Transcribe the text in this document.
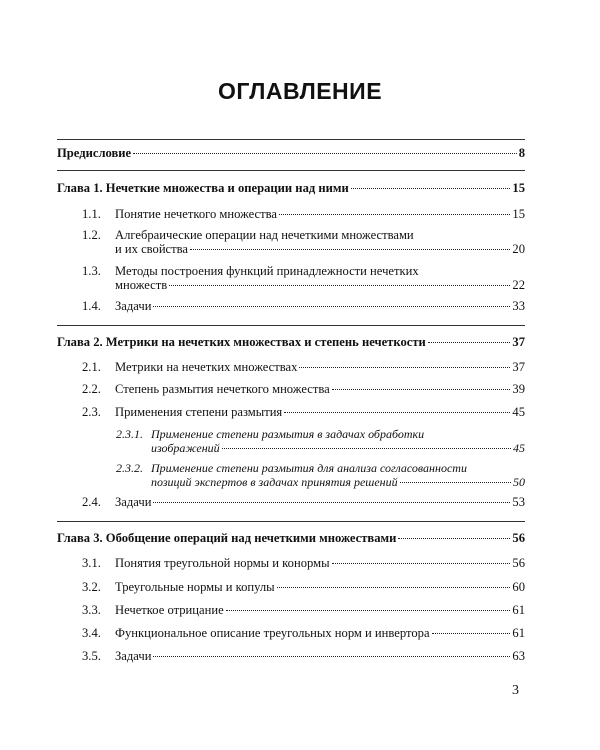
ОГЛАВЛЕНИЕ
Предисловие	8
Глава 1. Нечеткие множества и операции над ними	15
1.1.	Понятие нечеткого множества	15
1.2.	Алгебраические операции над нечеткими множествами
и их свойства	20
1.3.	Методы построения функций принадлежности нечетких
множеств	22
1.4.	Задачи	33
Глава 2. Метрики на нечетких множествах и степень нечеткости	37
2.1.	Метрики на нечетких множествах	37
2.2.	Степень размытия нечеткого множества	39
2.3.	Применения степени размытия	45
2.3.1. Применение степени размытия в задачах обработки
изображений	45
2.3.2. Применение степени размытия для анализа согласованности
позиций экспертов в задачах принятия решений	50
2.4.	Задачи	53
Глава 3. Обобщение операций над нечеткими множествами	56
3.1.	Понятия треугольной нормы и конормы	56
3.2.	Треугольные нормы и копулы	60
3.3.	Нечеткое отрицание	61
3.4.	Функциональное описание треугольных норм и инвертора	61
3.5.	Задачи	63
3
